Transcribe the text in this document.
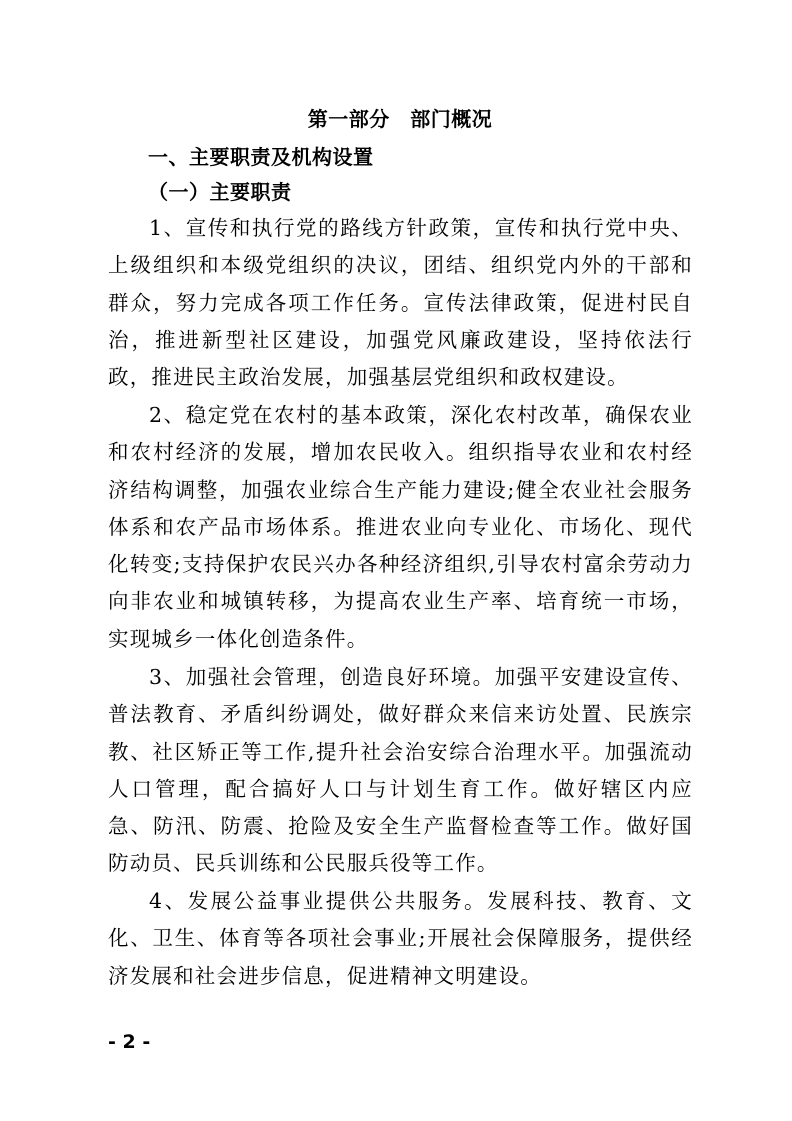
第一部分　部门概况
一、主要职责及机构设置
（一）主要职责

1、宣传和执行党的路线方针政策，宣传和执行党中央、上级组织和本级党组织的决议，团结、组织党内外的干部和群众，努力完成各项工作任务。宣传法律政策，促进村民自治，推进新型社区建设，加强党风廉政建设，坚持依法行政，推进民主政治发展，加强基层党组织和政权建设。

2、稳定党在农村的基本政策，深化农村改革，确保农业和农村经济的发展，增加农民收入。组织指导农业和农村经济结构调整，加强农业综合生产能力建设;健全农业社会服务体系和农产品市场体系。推进农业向专业化、市场化、现代化转变;支持保护农民兴办各种经济组织,引导农村富余劳动力向非农业和城镇转移，为提高农业生产率、培育统一市场，实现城乡一体化创造条件。

3、加强社会管理，创造良好环境。加强平安建设宣传、普法教育、矛盾纠纷调处，做好群众来信来访处置、民族宗教、社区矫正等工作,提升社会治安综合治理水平。加强流动人口管理，配合搞好人口与计划生育工作。做好辖区内应急、防汛、防震、抢险及安全生产监督检查等工作。做好国防动员、民兵训练和公民服兵役等工作。

4、发展公益事业提供公共服务。发展科技、教育、文化、卫生、体育等各项社会事业;开展社会保障服务，提供经济发展和社会进步信息，促进精神文明建设。

- 2 -
